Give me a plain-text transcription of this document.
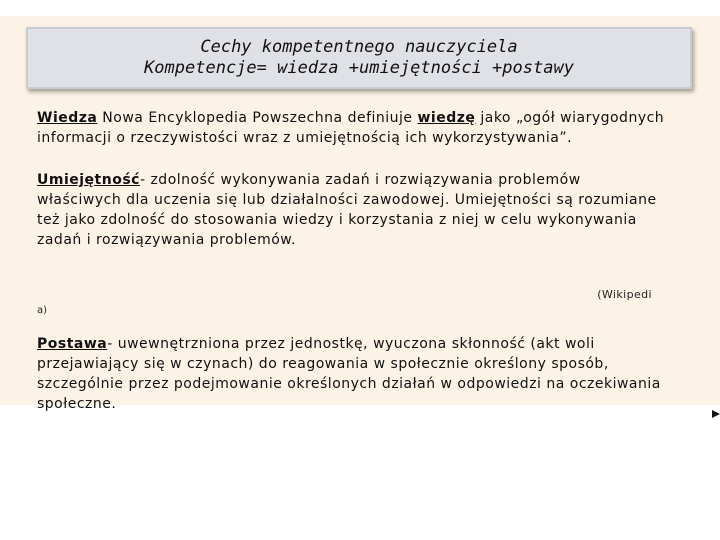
Cechy kompetentnego nauczyciela
Kompetencje= wiedza +umiejętności +postawy

Wiedza Nowa Encyklopedia Powszechna definiuje wiedzę jako „ogół wiarygodnych informacji o rzeczywistości wraz z umiejętnością ich wykorzystywania”.

Umiejętność- zdolność wykonywania zadań i rozwiązywania problemów właściwych dla uczenia się lub działalności zawodowej. Umiejętności są rozumiane też jako zdolność do stosowania wiedzy i korzystania z niej w celu wykonywania zadań i rozwiązywania problemów.

(Wikipedi
a)

Postawa- uwewnętrzniona przez jednostkę, wyuczona skłonność (akt woli przejawiający się w czynach) do reagowania w społecznie określony sposób, szczególnie przez podejmowanie określonych działań w odpowiedzi na oczekiwania społeczne.
